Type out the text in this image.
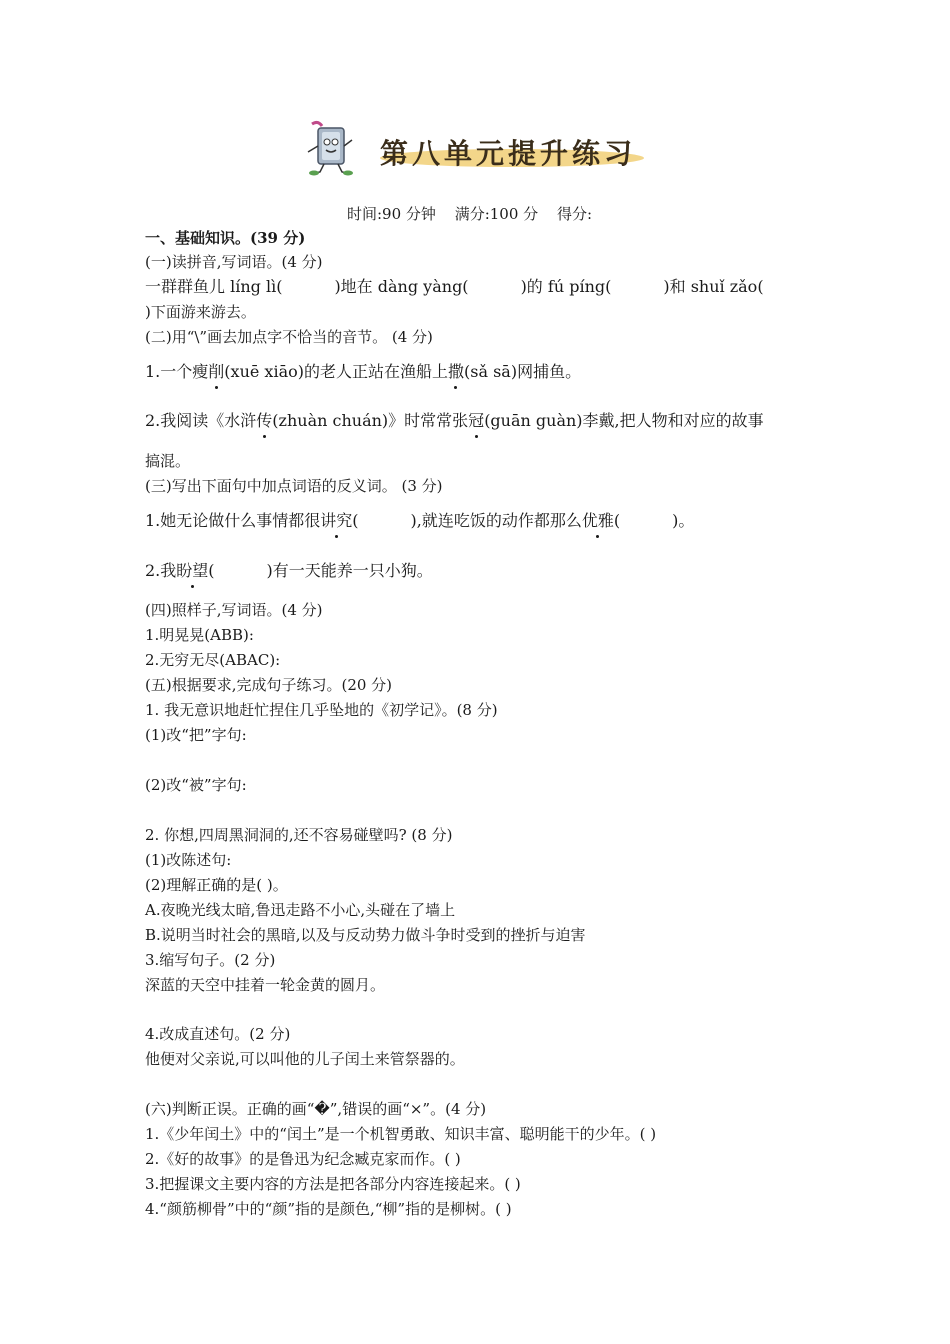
第八单元提升练习
时间:90 分钟 满分:100 分 得分:
一、基础知识。(39 分)
(一)读拼音,写词语。(4 分)
一群群鱼儿 líng lì(	)地在 dàng yàng(	)的 fú píng(	)和 shuǐ zǎo(
)下面游来游去。
(二)用“\”画去加点字不恰当的音节。 (4 分)
1.一个瘦削(xuē xiāo)的老人正站在渔船上撒(sǎ sā)网捕鱼。
2.我阅读《水浒传(zhuàn chuán)》时常常张冠(guān guàn)李戴,把人物和对应的故事
搞混。
(三)写出下面句中加点词语的反义词。 (3 分)
1.她无论做什么事情都很讲究(	),就连吃饭的动作都那么优雅(	)。
2.我盼望(	)有一天能养一只小狗。
(四)照样子,写词语。(4 分)
1.明晃晃(ABB):
2.无穷无尽(ABAC):
(五)根据要求,完成句子练习。(20 分)
1. 我无意识地赶忙捏住几乎坠地的《初学记》。(8 分)
(1)改“把”字句:
(2)改“被”字句:
2. 你想,四周黑洞洞的,还不容易碰壁吗? (8 分)
(1)改陈述句:
(2)理解正确的是( )。
A.夜晚光线太暗,鲁迅走路不小心,头碰在了墙上
B.说明当时社会的黑暗,以及与反动势力做斗争时受到的挫折与迫害
3.缩写句子。(2 分)
深蓝的天空中挂着一轮金黄的圆月。
4.改成直述句。(2 分)
他便对父亲说,可以叫他的儿子闰土来管祭器的。
(六)判断正误。正确的画“�”,错误的画“×”。(4 分)
1.《少年闰土》中的“闰土”是一个机智勇敢、知识丰富、聪明能干的少年。( )
2.《好的故事》的是鲁迅为纪念臧克家而作。( )
3.把握课文主要内容的方法是把各部分内容连接起来。( )
4.“颜筋柳骨”中的“颜”指的是颜色,“柳”指的是柳树。( )
